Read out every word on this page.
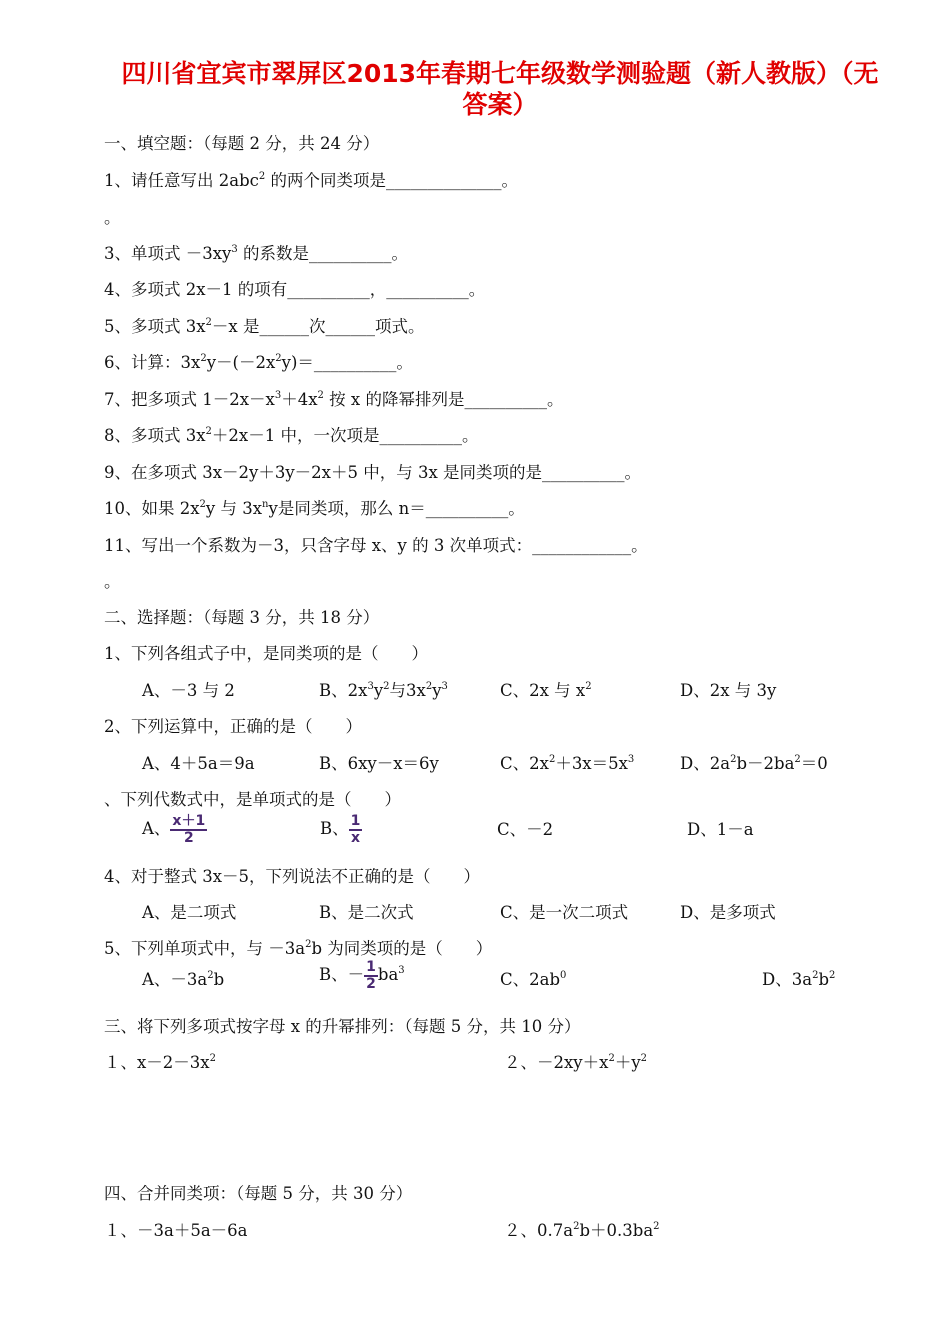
四川省宜宾市翠屏区2013年春期七年级数学测验题（新人教版）（无
答案）
一、填空题：（每题 2 分，共 24 分）
1、请任意写出 2abc$^2$ 的两个同类项是______________。
。
3、单项式 $-3xy^3$ 的系数是__________。
4、多项式 2x－1 的项有__________，__________。
5、多项式 $3x^2-x$ 是______次______项式。
6、计算：$3x^2y-(-2x^2y)=\_\_\_\_\_\_\_\_\_\_$。
7、把多项式 $1-2x-x^3+4x^2$ 按 x 的降幂排列是__________。
8、多项式 $3x^2+2x-1$ 中，一次项是__________。
9、在多项式 3x－2y＋3y－2x＋5 中，与 3x 是同类项的是__________。
10、如果 $2x^2y$ 与 $3x^ny$是同类项，那么 n＝__________。
11、写出一个系数为－3，只含字母 x、y 的 3 次单项式：____________。
。
二、选择题：（每题 3 分，共 18 分）
1、下列各组式子中，是同类项的是（　　）
A、－3 与 2	B、$2x^3y^2$与$3x^2y^3$	C、2x 与 $x^2$	D、2x 与 3y
2、下列运算中，正确的是（　　）
A、4＋5a＝9a	B、6xy－x＝6y	C、$2x^2+3x=5x^3$	D、$2a^2b-2ba^2=0$
、下列代数式中，是单项式的是（　　）
A、 $\frac{x+1}{2}$	B、 $\frac{1}{x}$	C、－2	D、1－a
4、对于整式 3x－5，下列说法不正确的是（　　）
A、是二项式	B、是二次式	C、是一次二项式	D、是多项式
5、下列单项式中，与 $-3a^2b$ 为同类项的是（　　）
A、$-3a^2b$	B、－ $\frac{1}{2} ba^3$	C、$2ab^0$	D、$3a^2b^2$
三、将下列多项式按字母 x 的升幂排列：（每题 5 分，共 10 分）
１、$x-2-3x^2$	２、$-2xy+x^2+y^2$
四、合并同类项：（每题 5 分，共 30 分）
１、－3a＋5a－6a	２、$0.7a^2b+0.3ba^2$
